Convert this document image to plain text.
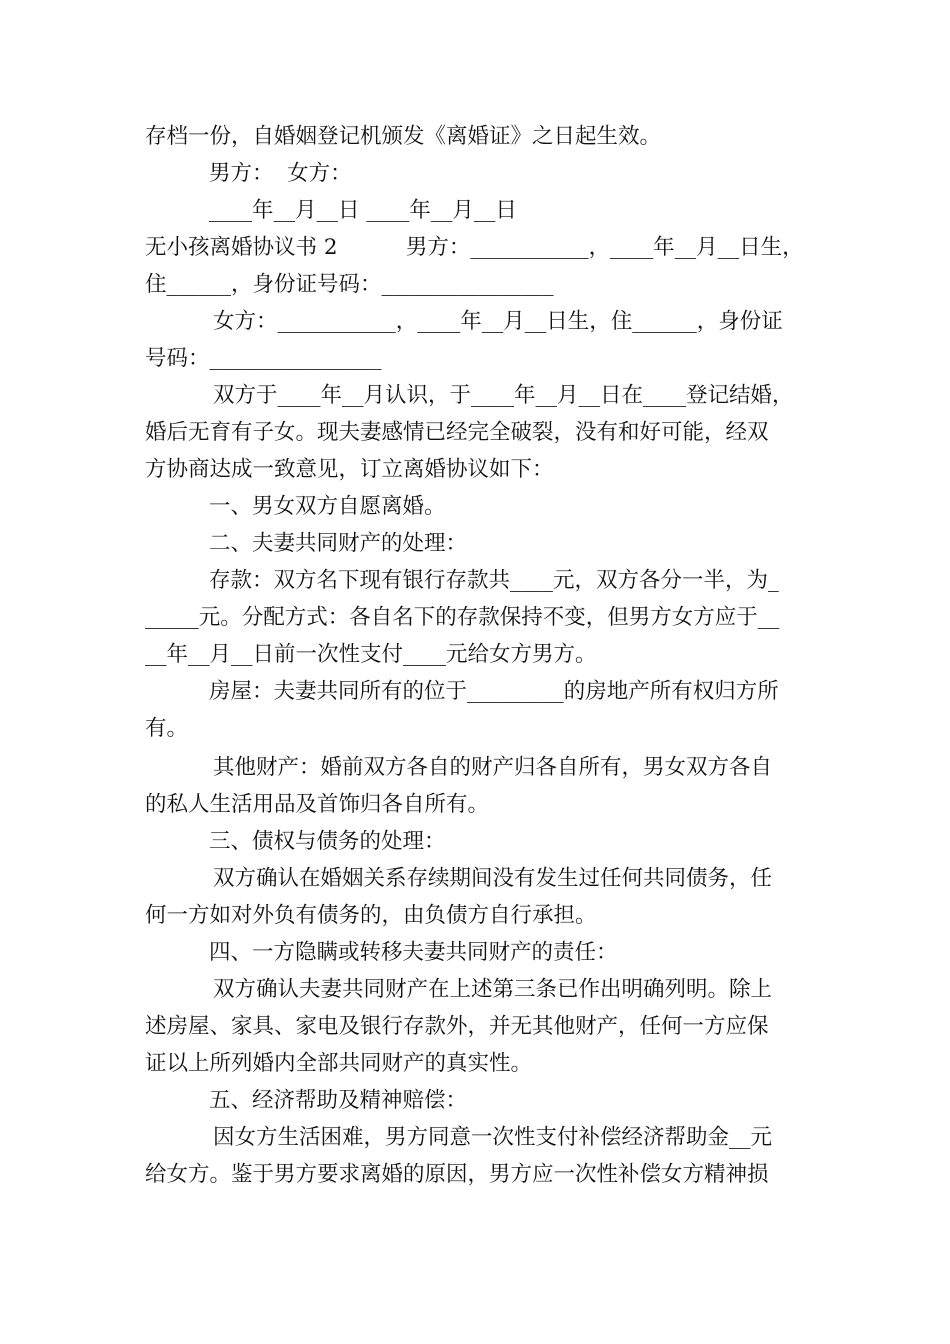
存档一份，自婚姻登记机颁发《离婚证》之日起生效。
男方：  女方：
____年__月__日 ____年__月__日
无小孩离婚协议书 2          男方：___________，____年__月__日生，
住______，身份证号码：________________
女方：___________，____年__月__日生，住______，身份证
号码：________________
双方于____年__月认识，于____年__月__日在____登记结婚，
婚后无育有子女。现夫妻感情已经完全破裂，没有和好可能，经双
方协商达成一致意见，订立离婚协议如下：
一、男女双方自愿离婚。
二、夫妻共同财产的处理：
存款：双方名下现有银行存款共____元，双方各分一半，为_
_____元。分配方式：各自名下的存款保持不变，但男方女方应于__
__年__月__日前一次性支付____元给女方男方。
房屋：夫妻共同所有的位于_________的房地产所有权归方所
有。
其他财产：婚前双方各自的财产归各自所有，男女双方各自
的私人生活用品及首饰归各自所有。
三、债权与债务的处理：
双方确认在婚姻关系存续期间没有发生过任何共同债务，任
何一方如对外负有债务的，由负债方自行承担。
四、一方隐瞒或转移夫妻共同财产的责任：
双方确认夫妻共同财产在上述第三条已作出明确列明。除上
述房屋、家具、家电及银行存款外，并无其他财产，任何一方应保
证以上所列婚内全部共同财产的真实性。
五、经济帮助及精神赔偿：
因女方生活困难，男方同意一次性支付补偿经济帮助金__元
给女方。鉴于男方要求离婚的原因，男方应一次性补偿女方精神损
